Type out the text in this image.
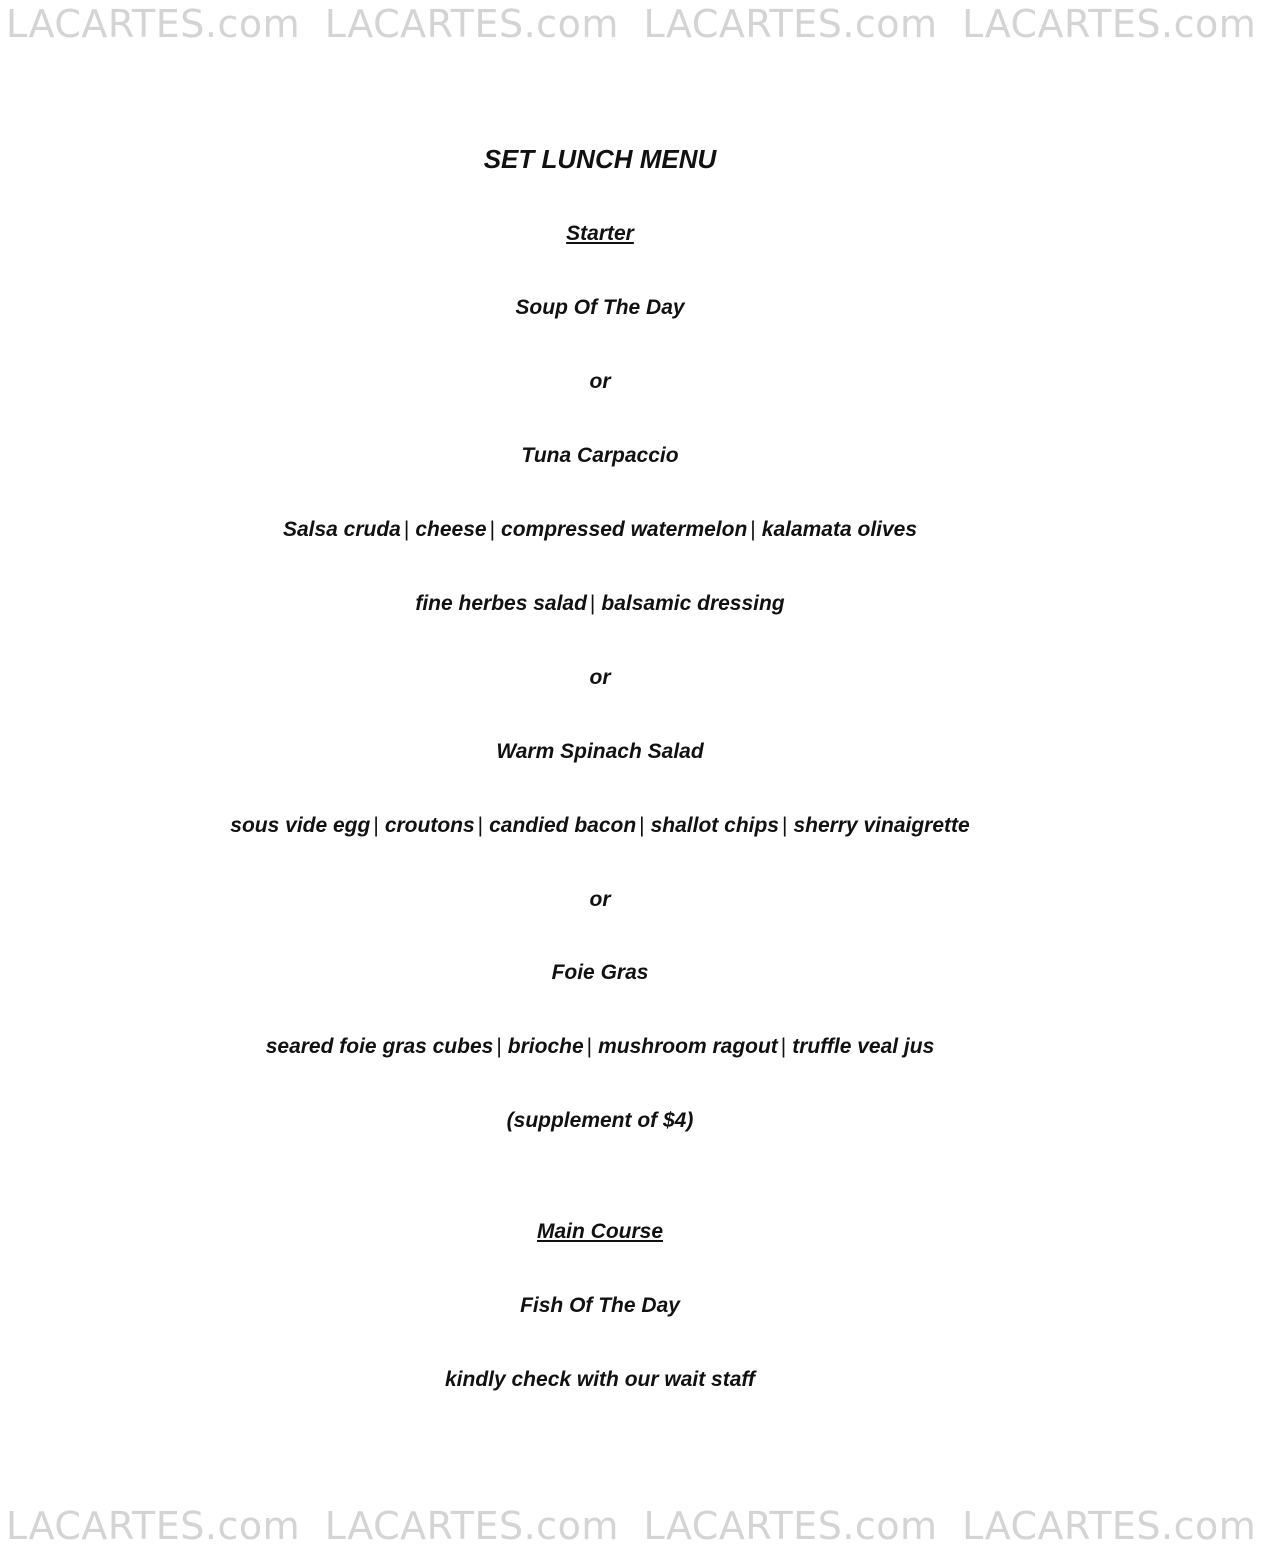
LACARTES.com LACARTES.com LACARTES.com LACARTES.com
SET LUNCH MENU
Starter
Soup Of The Day
or
Tuna Carpaccio
Salsa cruda | cheese | compressed watermelon | kalamata olives
fine herbes salad | balsamic dressing
or
Warm Spinach Salad
sous vide egg | croutons | candied bacon | shallot chips | sherry vinaigrette
or
Foie Gras
seared foie gras cubes | brioche | mushroom ragout | truffle veal jus
(supplement of $4)
Main Course
Fish Of The Day
kindly check with our wait staff
LACARTES.com LACARTES.com LACARTES.com LACARTES.com
